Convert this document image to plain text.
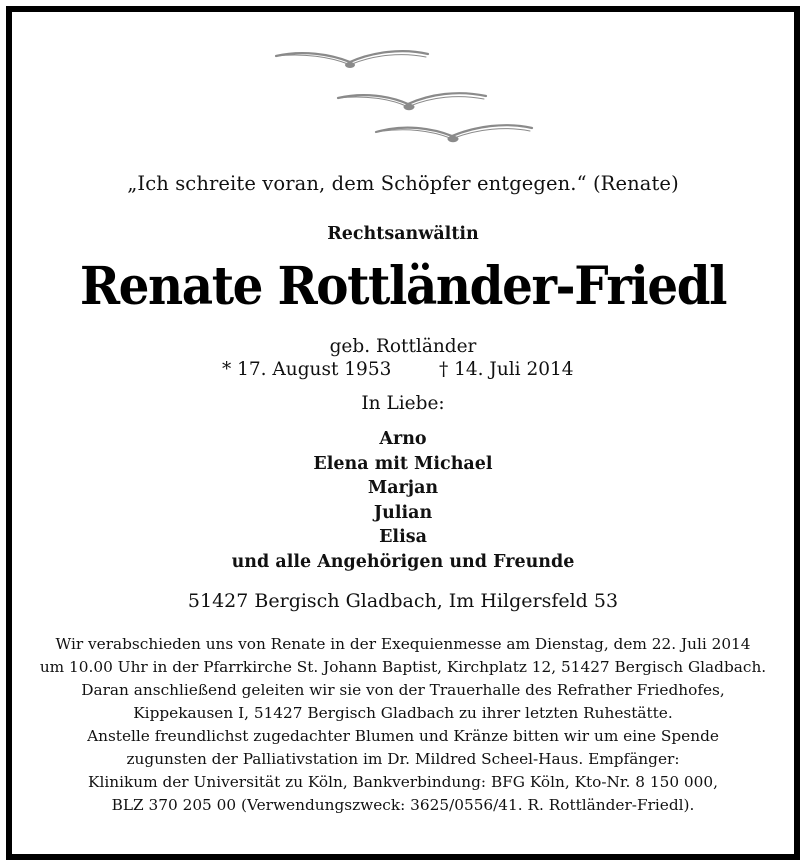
„Ich schreite voran, dem Schöpfer entgegen.“ (Renate)
Rechtsanwältin
Renate Rottländer-Friedl
geb. Rottländer
* 17. August 1953	† 14. Juli 2014
In Liebe:
Arno
Elena mit Michael
Marjan
Julian
Elisa
und alle Angehörigen und Freunde
51427 Bergisch Gladbach, Im Hilgersfeld 53
Wir verabschieden uns von Renate in der Exequienmesse am Dienstag, dem 22. Juli 2014
um 10.00 Uhr in der Pfarrkirche St. Johann Baptist, Kirchplatz 12, 51427 Bergisch Gladbach.
Daran anschließend geleiten wir sie von der Trauerhalle des Refrather Friedhofes,
Kippekausen I, 51427 Bergisch Gladbach zu ihrer letzten Ruhestätte.
Anstelle freundlichst zugedachter Blumen und Kränze bitten wir um eine Spende
zugunsten der Palliativstation im Dr. Mildred Scheel-Haus. Empfänger:
Klinikum der Universität zu Köln, Bankverbindung: BFG Köln, Kto-Nr. 8 150 000,
BLZ 370 205 00 (Verwendungszweck: 3625/0556/41. R. Rottländer-Friedl).
